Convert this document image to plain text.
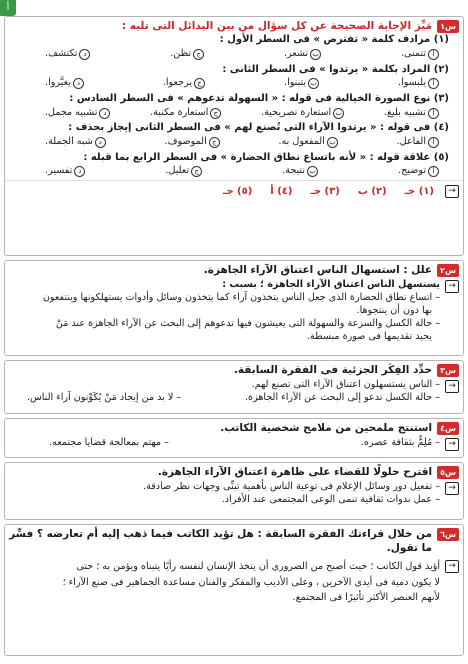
أ
س١
مَيِّز الإجابة الصحيحة عن كل سؤال من بين البدائل التى تليه :
(١) مرادف كلمة « تفترض » فى السطر الأول :
أ
تتمنى.
ب
تشعر.
ج
تظن.
د
تكتشف.
(٢) المراد بكلمة « يرتدوا » فى السطر الثانى :
أ
يلبسوا.
ب
يتبنوا.
ج
يرجعوا.
د
يغيَّروا.
(٣) نوع الصورة الخيالية فى قوله : « السهولة تدعوهم » فى السطر السادس :
أ
تشبيه بليغ.
ب
استعارة تصريحية.
ج
استعارة مكنية.
د
تشبيه مجمل.
(٤) فى قوله : « يرتدوا الآراء التى تُصنع لهم » فى السطر الثانى إيجاز بحذف :
أ
الفاعل.
ب
المفعول به.
ج
الموصوف.
د
شبه الجملة.
(٥) علاقة قوله : « لأنه باتساع نطاق الحضارة » فى السطر الرابع بما قبله :
أ
توضيح.
ب
نتيجة.
ج
تعليل.
د
تفسير.
→
(١) جـ
(٢) ب
(٣) جـ
(٤) أ
(٥) جـ
س٢
علل : استسهال الناس اعتناق الآراء الجاهزة.
→
يستسهل الناس اعتناق الآراء الجاهزة ؛ بسبب :
– اتساع نطاق الحضارة الذى جعل الناس يتخذون آراء كما يتخذون وسائل وأدوات يستهلكونها وينتفعون
بها دون أن ينتجوها.
– حالة الكسل والسرعة والسهولة التى يعيشون فيها تدعوهم إلى البحث عن الآراء الجاهزة عند مَنْ
يجيد تقديمها فى صورة مبسطة.
س٣
حدِّد الفِكَر الجزئية فى الفقرة السابقة.
→
– الناس يستسهلون اعتناق الآراء التى تصنع لهم.
– حالة الكسل تدعو إلى البحث عن الآراء الجاهزة.
– لا بد من إيجاد مَنْ يُكَوِّنون آراء الناس.
س٤
استنتج ملمحين من ملامح شخصية الكاتب.
→
– مُلِمٌّ بثقافة عصره.
– مهتم بمعالجة قضايا مجتمعه.
س٥
اقترح حلولًا للقضاء على ظاهرة اعتناق الآراء الجاهزة.
→
– تفعيل دور وسائل الإعلام فى توعية الناس بأهمية تبنِّى وجهات نظر صادقة.
– عمل ندوات ثقافية تنمى الوعى المجتمعى عند الأفراد.
س٦
من خلال قراءتك الفقرة السابقة : هل تؤيد الكاتب فيما ذهب إليه أم تعارضه ؟ فسِّر ما تقول.
→
أؤيد قول الكاتب ؛ حيث أصبح من الضرورى أن يتخذ الإنسان لنفسه رأيًا يتبناه ويؤمن به ؛ حتى
لا يكون دمية فى أيدى الآخرين ، وعلى الأديب والمفكر والفنان مساعدة الجماهير فى صنع الآراء ؛
لأنهم العنصر الأكثر تأثيرًا فى المجتمع.
